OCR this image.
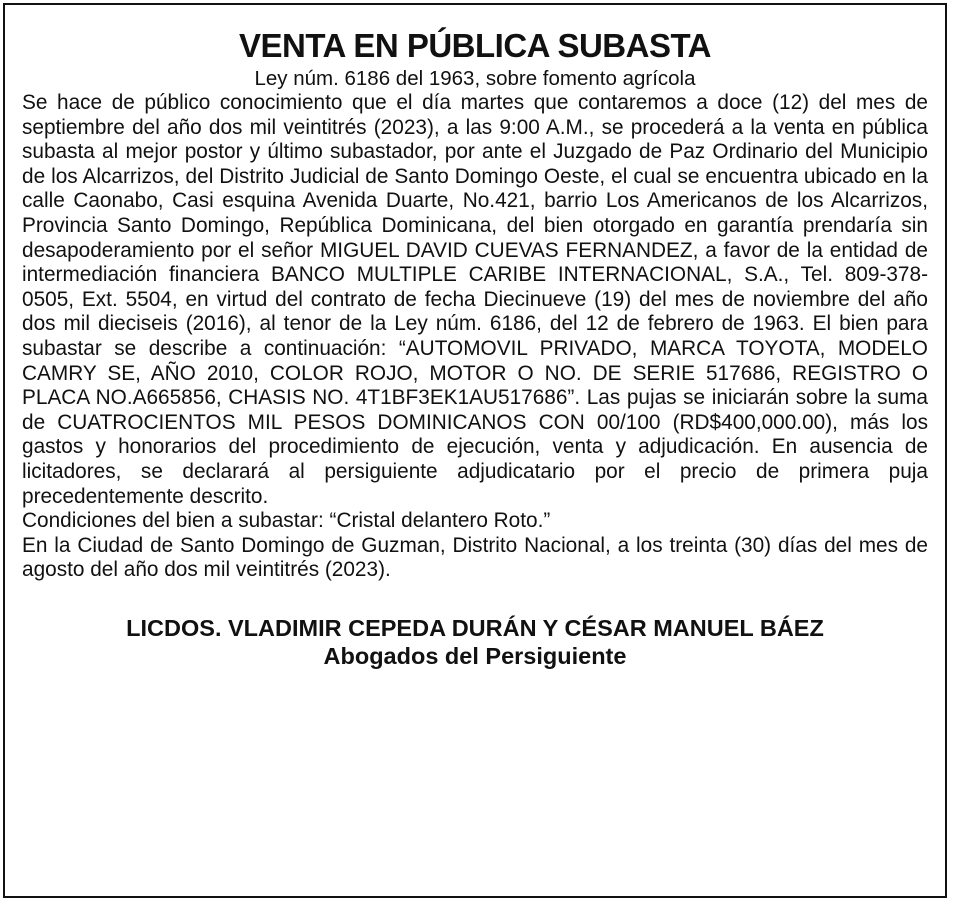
VENTA EN PÚBLICA SUBASTA
Ley núm. 6186 del 1963, sobre fomento agrícola

Se hace de público conocimiento que el día martes que contaremos a doce (12) del mes de septiembre del año dos mil veintitrés (2023), a las 9:00 A.M., se procederá a la venta en pública subasta al mejor postor y último subastador, por ante el Juzgado de Paz Ordinario del Municipio de los Alcarrizos, del Distrito Judicial de Santo Domingo Oeste, el cual se encuentra ubicado en la calle Caonabo, Casi esquina Avenida Duarte, No.421, barrio Los Americanos de los Alcarrizos, Provincia Santo Domingo, República Dominicana, del bien otorgado en garantía prendaría sin desapoderamiento por el señor MIGUEL DAVID CUEVAS FERNANDEZ, a favor de la entidad de intermediación financiera BANCO MULTIPLE CARIBE INTERNACIONAL, S.A., Tel. 809-378-0505, Ext. 5504, en virtud del contrato de fecha Diecinueve (19) del mes de noviembre del año dos mil dieciseis (2016), al tenor de la Ley núm. 6186, del 12 de febrero de 1963. El bien para subastar se describe a continuación: “AUTOMOVIL PRIVADO, MARCA TOYOTA, MODELO CAMRY SE, AÑO 2010, COLOR ROJO, MOTOR O NO. DE SERIE 517686, REGISTRO O PLACA NO.A665856, CHASIS NO. 4T1BF3EK1AU517686”. Las pujas se iniciarán sobre la suma de CUATROCIENTOS MIL PESOS DOMINICANOS CON 00/100 (RD$400,000.00), más los gastos y honorarios del procedimiento de ejecución, venta y adjudicación. En ausencia de licitadores, se declarará al persiguiente adjudicatario por el precio de primera puja precedentemente descrito.

Condiciones del bien a subastar: “Cristal delantero Roto.”

En la Ciudad de Santo Domingo de Guzman, Distrito Nacional, a los treinta (30) días del mes de agosto del año dos mil veintitrés (2023).

LICDOS. VLADIMIR CEPEDA DURÁN Y CÉSAR MANUEL BÁEZ
Abogados del Persiguiente
